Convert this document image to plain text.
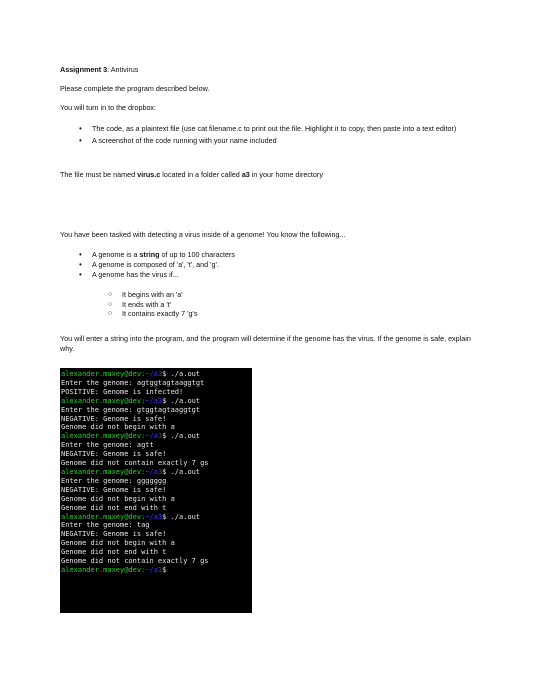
Assignment 3: Antivirus
Please complete the program described below.
You will turn in to the dropbox:
• The code, as a plaintext file (use cat filename.c to print out the file. Highlight it to copy, then paste into a text editor)
• A screenshot of the code running with your name included
The file must be named virus.c located in a folder called a3 in your home directory
You have been tasked with detecting a virus inside of a genome! You know the following...
• A genome is a string of up to 100 characters
• A genome is composed of 'a', 't', and 'g'.
• A genome has the virus if...
○ It begins with an 'a'
○ It ends with a 't'
○ It contains exactly 7 'g's
You will enter a string into the program, and the program will determine if the genome has the virus. If the genome is safe, explain why.
alexander.maxey@dev:~/a3$ ./a.out
Enter the genome: agtggtagtaaggtgt
POSITIVE: Genome is infected!
alexander.maxey@dev:~/a3$ ./a.out
Enter the genome: gtggtagtaaggtgt
NEGATIVE: Genome is safe!
Genome did not begin with a
alexander.maxey@dev:~/a3$ ./a.out
Enter the genome: agtt
NEGATIVE: Genome is safe!
Genome did not contain exactly 7 gs
alexander.maxey@dev:~/a3$ ./a.out
Enter the genome: ggggggg
NEGATIVE: Genome is safe!
Genome did not begin with a
Genome did not end with t
alexander.maxey@dev:~/a3$ ./a.out
Enter the genome: tag
NEGATIVE: Genome is safe!
Genome did not begin with a
Genome did not end with t
Genome did not contain exactly 7 gs
alexander.maxey@dev:~/a3$
